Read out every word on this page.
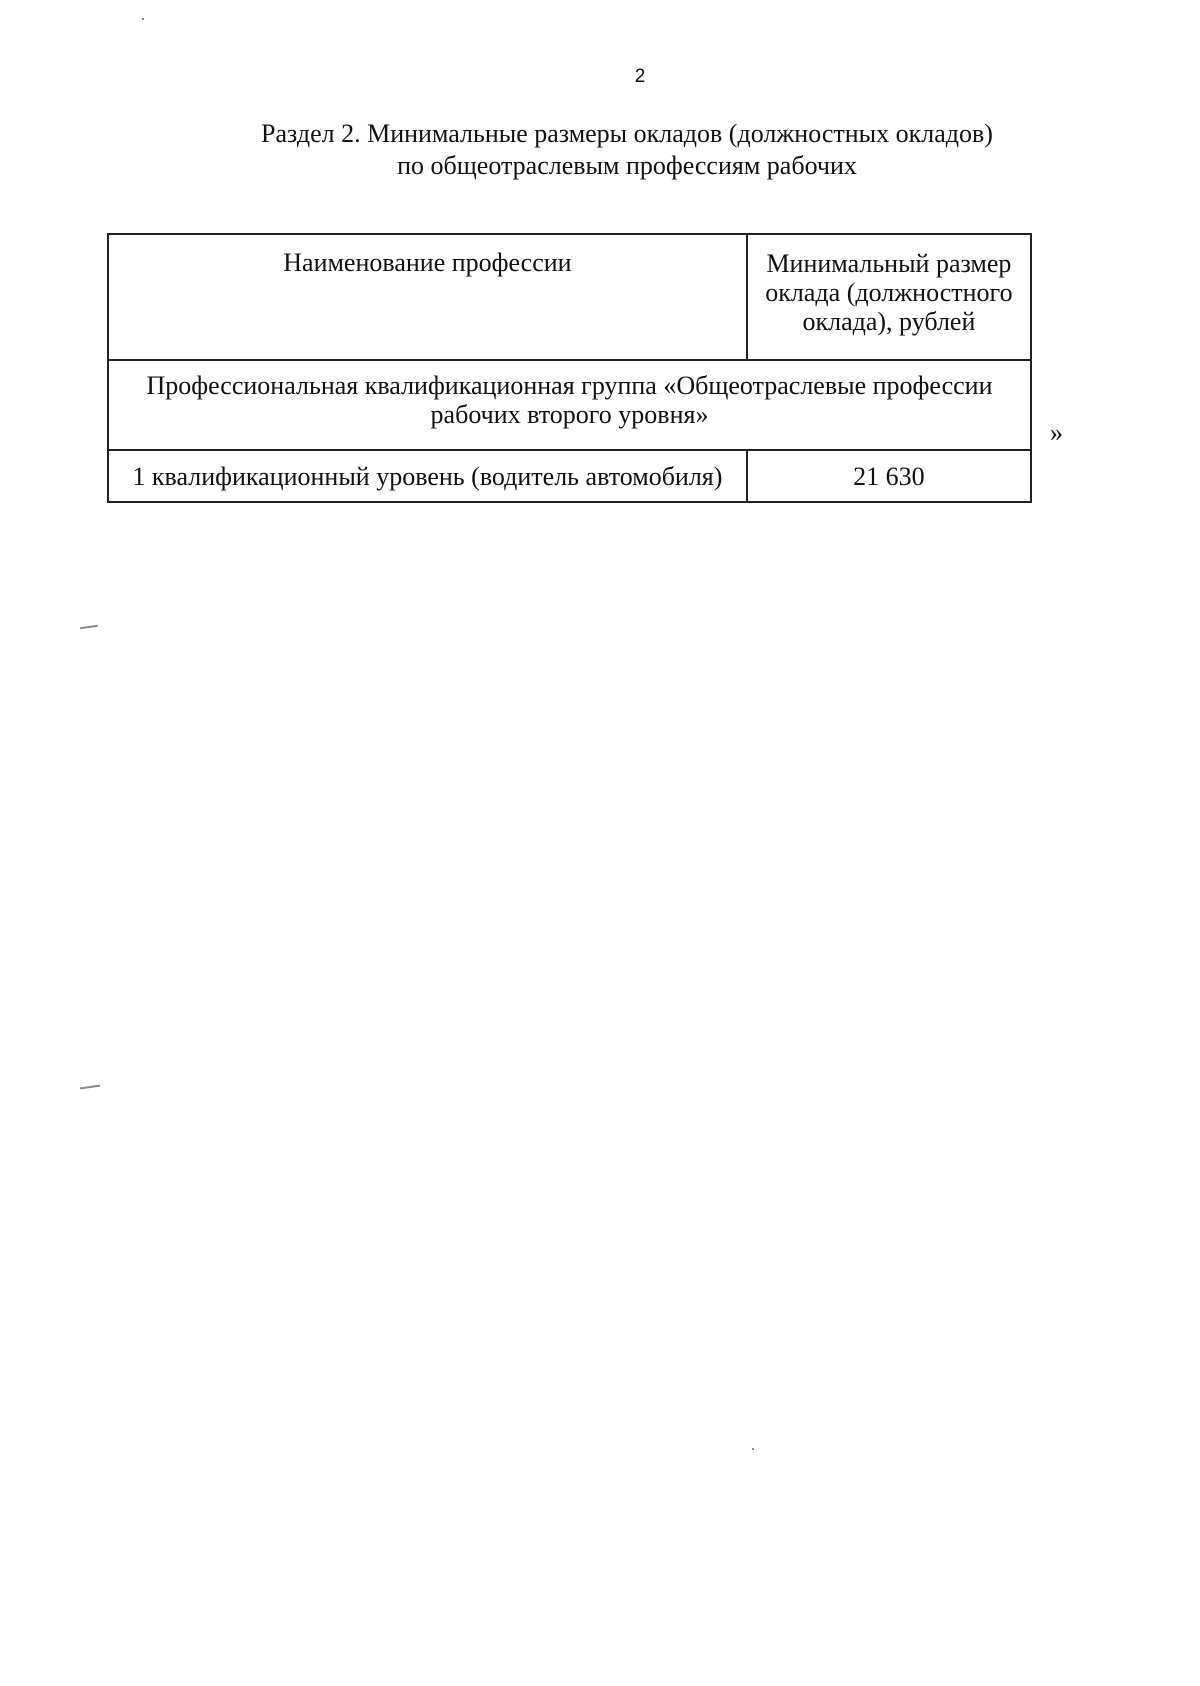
2
Раздел 2. Минимальные размеры окладов (должностных окладов)
по общеотраслевым профессиям рабочих
Наименование профессии	Минимальный размер оклада (должностного оклада), рублей

Профессиональная квалификационная группа «Общеотраслевые профессии
рабочих второго уровня»	

1 квалификационный уровень (водитель автомобиля)	21 630
»
